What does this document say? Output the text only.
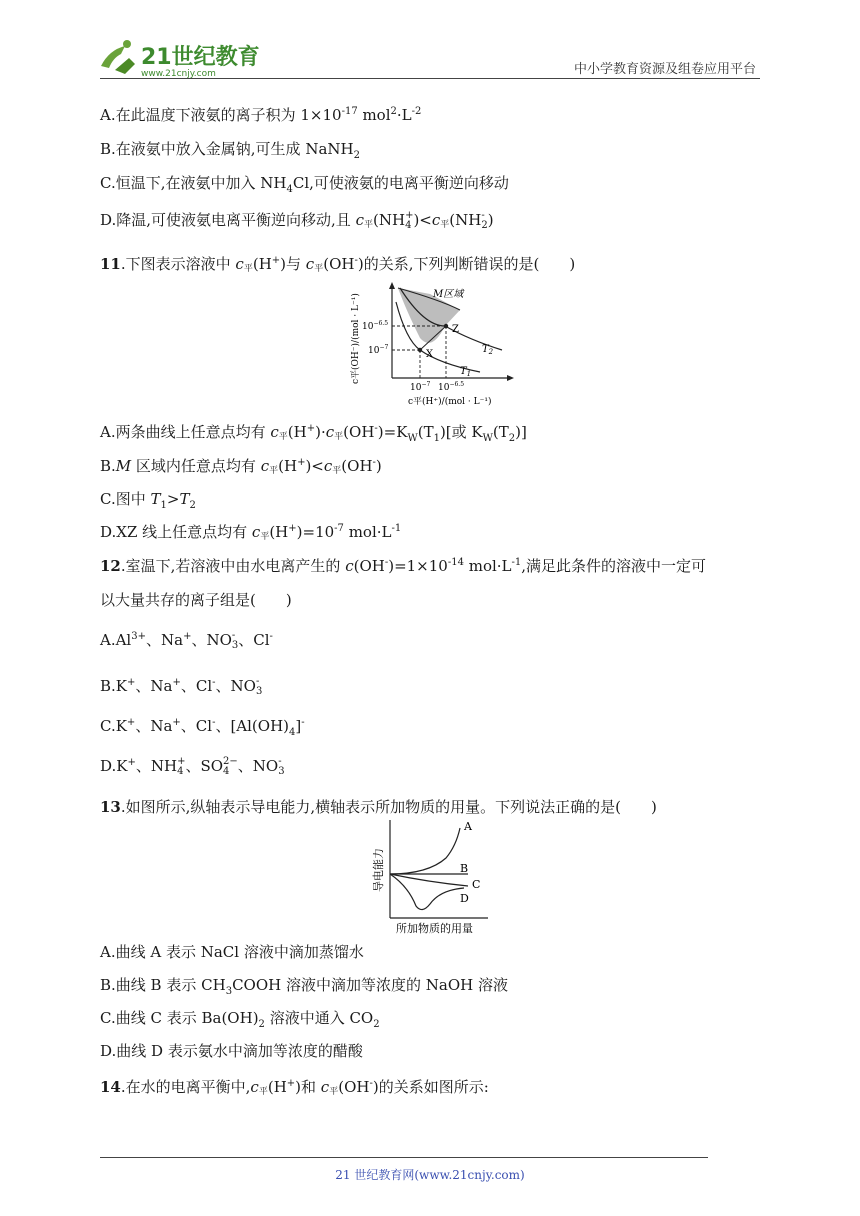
21世纪教育
www.21cnjy.com	中小学教育资源及组卷应用平台
A.在此温度下液氨的离子积为 $1\times 10^{-17}$ $mol^2\cdot L^{-2}$
B.在液氨中放入金属钠,可生成 NaNH$_2$
C.恒温下,在液氨中加入 $NH_4Cl$,可使液氨的电离平衡逆向移动
D.降温,可使液氨电离平衡逆向移动,且 c平(NH +
4 )<c平(NH -
2 )
11.下图表示溶液中 c平(H+)与 c平(OH-)的关系,下列判断错误的是(　　)
M区域
Z
X	$T_2$
$T_1$
$10^{-6.5}$
$10^{-7}$
$10^{-7}$ $10^{-6.5}$
c平(H⁺)/(mol · L⁻¹)
c平(OH⁻)/(mol · L⁻¹)
A.两条曲线上任意点均有 c平(H+)·c平$(OH^-)=K_W(T_1)$[或 $K_W(T_2)$]
B.M 区域内任意点均有 c平(H+)<c平(OH-)
C.图中 $T_1>T_2$
D.XZ 线上任意点均有 c平$(H^+)=10^{-7}$ $mol\cdot L^{-1}$
12.室温下,若溶液中由水电离产生的 $c(OH^-)=1\times 10^{-14}$ $mol\cdot L^{-1}$,满足此条件的溶液中一定可
以大量共存的离子组是(　　)
$A.Al^{3+}$、Na+、NO -
3 、Cl-
B.K+、Na+、Cl-、NO -
3
C.K+、Na+、Cl-、$[Al(OH)_4]^-$
D.K+、NH +
4 、SO 2−
4 、NO -
3
13.如图所示,纵轴表示导电能力,横轴表示所加物质的用量。下列说法正确的是(　　)
A
B
C
D
所加物质的用量
导电能力
A.曲线 A 表示 NaCl 溶液中滴加蒸馏水
B.曲线 B 表示 $CH_3COOH$ 溶液中滴加等浓度的 NaOH 溶液
C.曲线 C 表示 $Ba(OH)_2$ 溶液中通入 $CO_2$
D.曲线 D 表示氨水中滴加等浓度的醋酸
14.在水的电离平衡中,c平(H+)和 c平(OH-)的关系如图所示:
21 世纪教育网(www.21cnjy.com)
